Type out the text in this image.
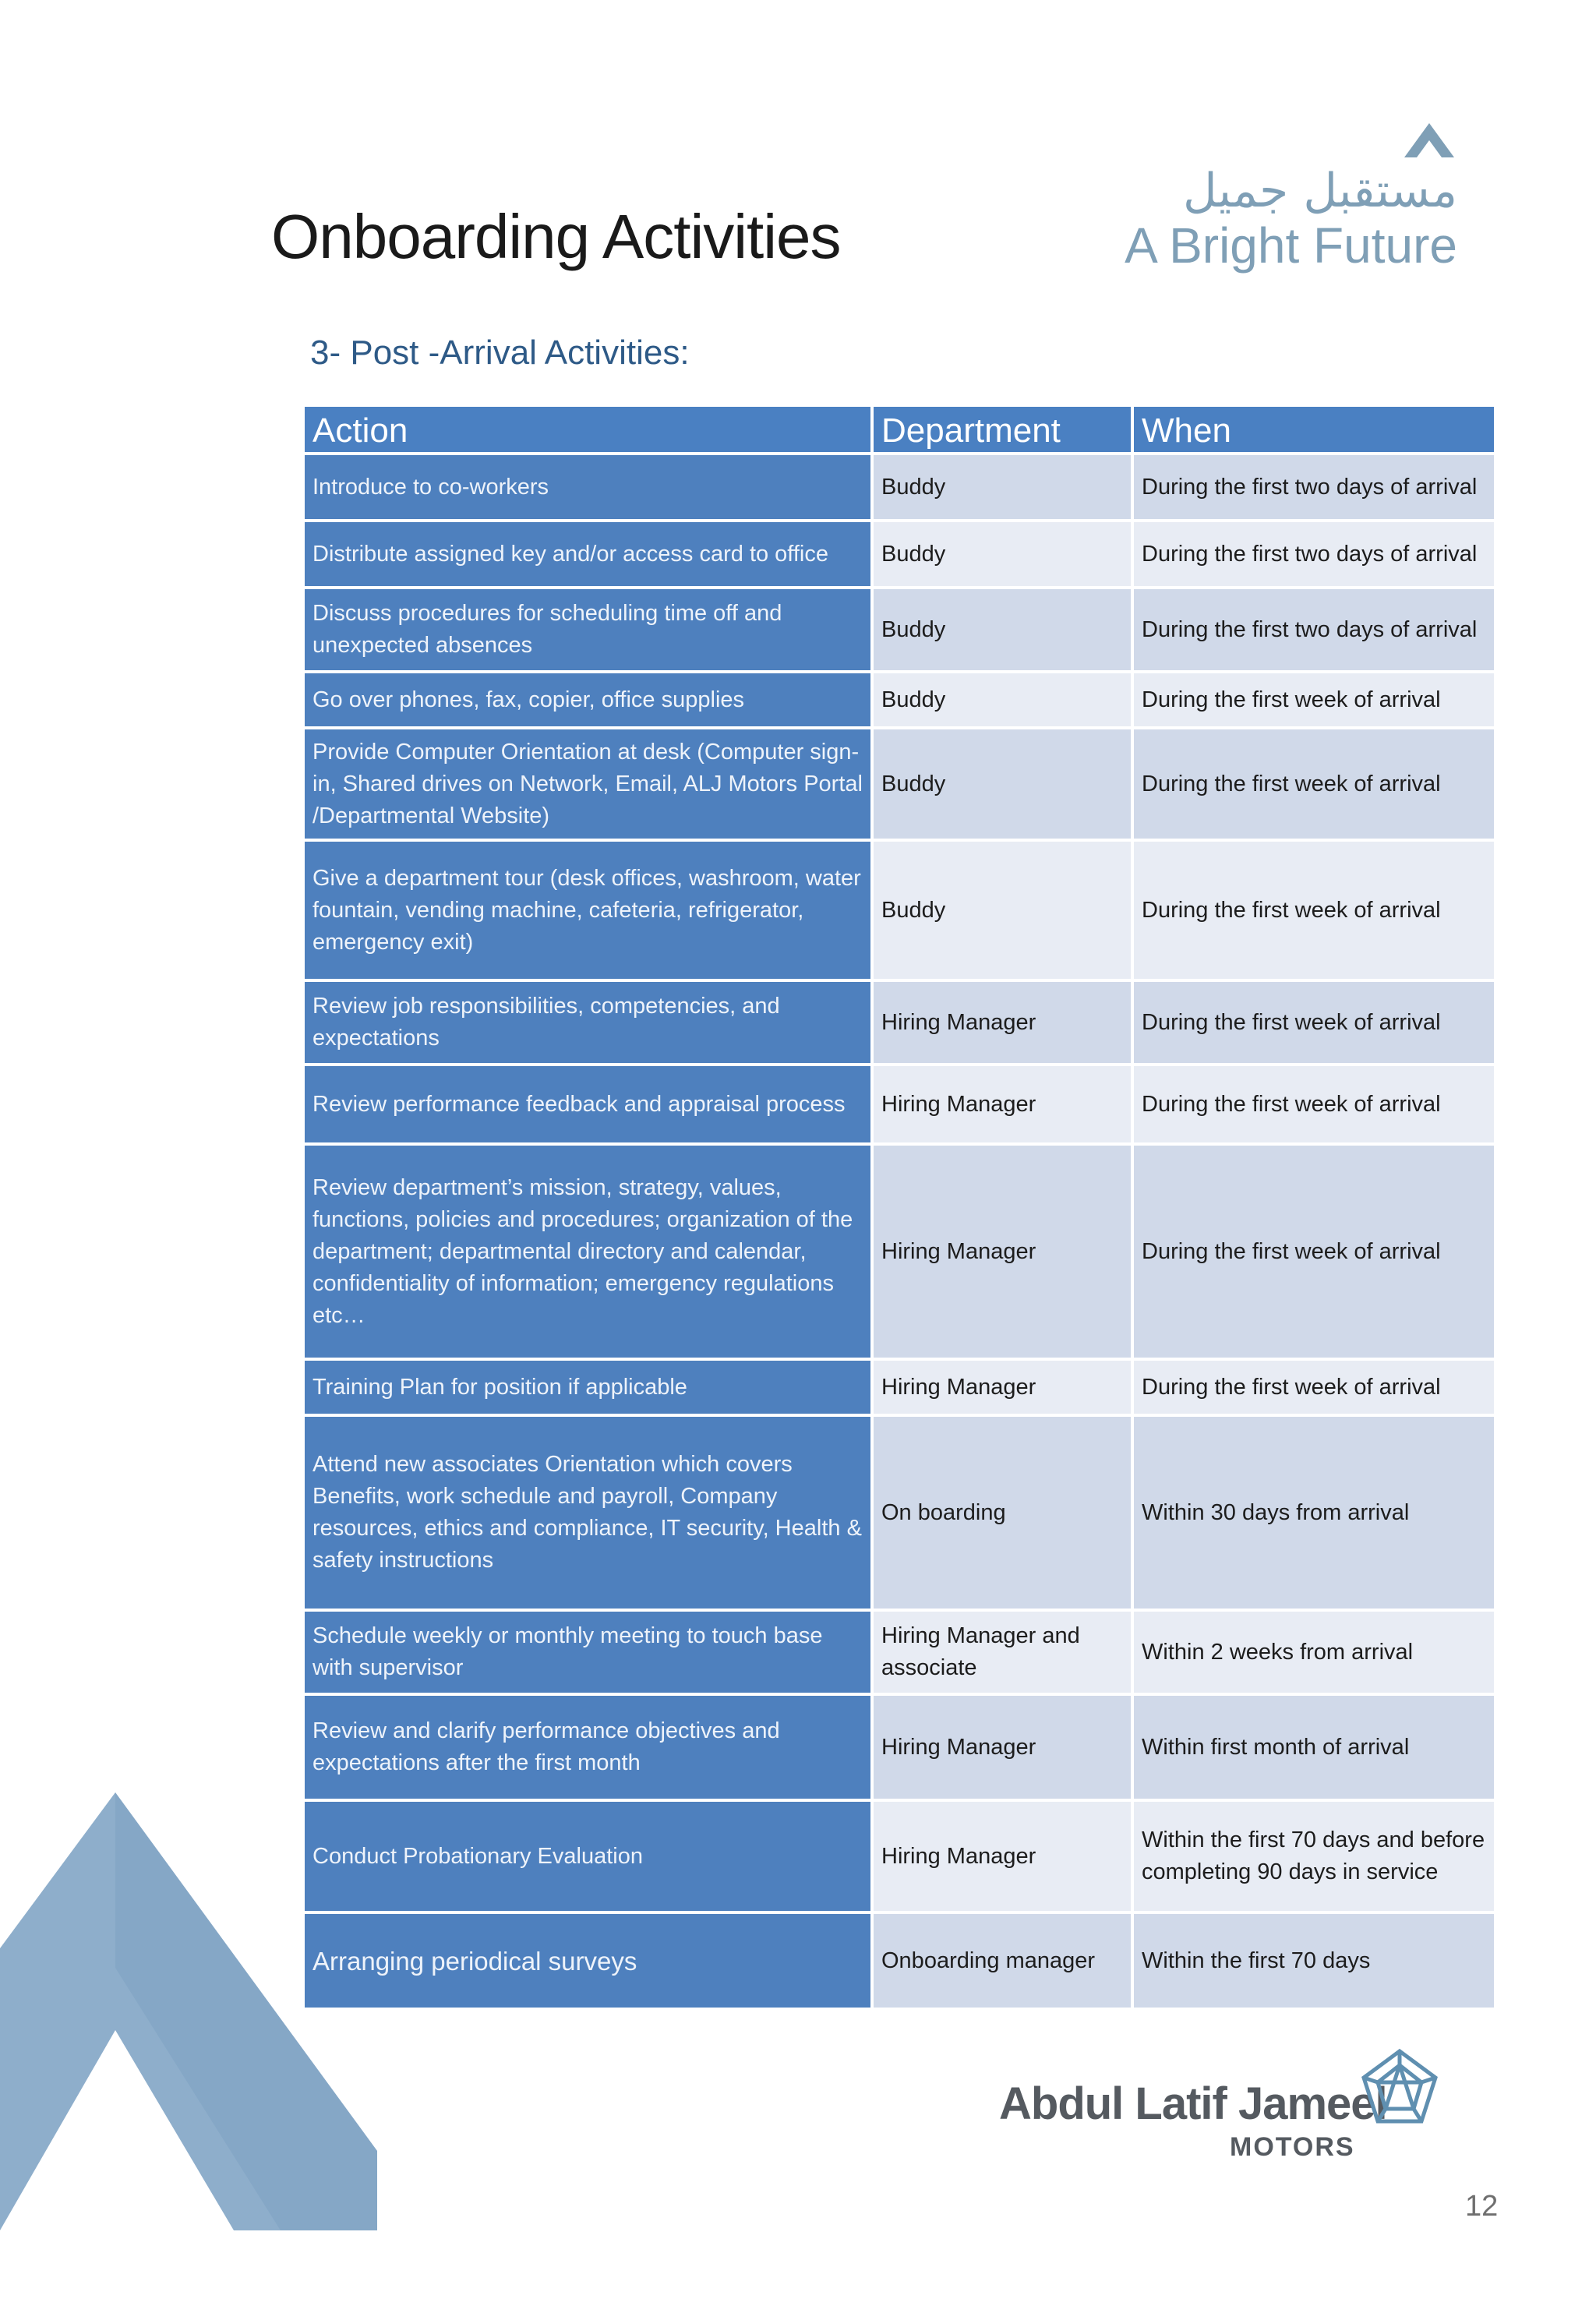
Onboarding Activities
مستقبل جميل
A Bright Future
3- Post -Arrival Activities:
Action	Department	When
Introduce to co-workers	Buddy	During the first two days of arrival
Distribute assigned key and/or access card to office	Buddy	During the first two days of arrival
Discuss procedures for scheduling time off and unexpected absences	Buddy	During the first two days of arrival
Go over phones, fax, copier, office supplies	Buddy	During the first week of arrival
Provide Computer Orientation at desk (Computer sign-in, Shared drives on Network, Email, ALJ Motors Portal /Departmental Website)	Buddy	During the first week of arrival
Give a department tour (desk offices, washroom, water fountain, vending machine, cafeteria, refrigerator, emergency exit)	Buddy	During the first week of arrival
Review job responsibilities, competencies, and expectations	Hiring Manager	During the first week of arrival
Review performance feedback and appraisal process	Hiring Manager	During the first week of arrival
Review department’s mission, strategy, values, functions, policies and procedures; organization of the department; departmental directory and calendar, confidentiality of information; emergency regulations etc…	Hiring Manager	During the first week of arrival
Training Plan for position if applicable	Hiring Manager	During the first week of arrival
Attend new associates Orientation which covers Benefits, work schedule and payroll, Company resources, ethics and compliance, IT security, Health & safety instructions	On boarding	Within 30 days from arrival
Schedule weekly or monthly meeting to touch base with supervisor	Hiring Manager and associate	Within 2 weeks from arrival
Review and clarify performance objectives and expectations after the first month	Hiring Manager	Within first month of arrival
Conduct Probationary Evaluation	Hiring Manager	Within the first 70 days and before completing 90 days in service
Arranging periodical surveys	Onboarding manager	Within the first 70 days
Abdul Latif Jameel
MOTORS
12
